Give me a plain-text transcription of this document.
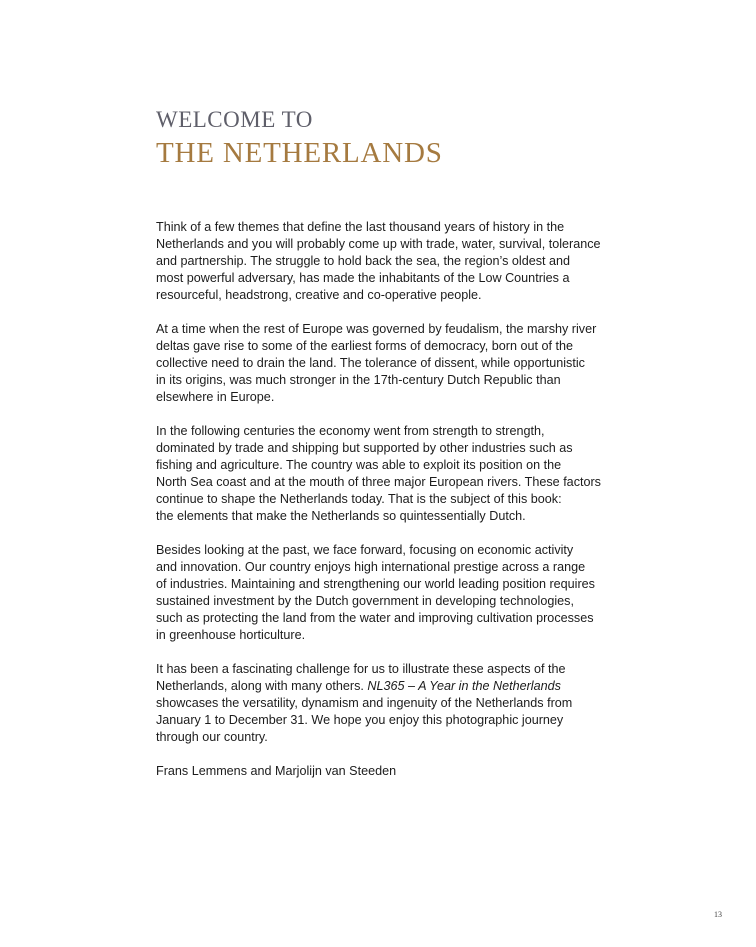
WELCOME TO
THE NETHERLANDS

Think of a few themes that define the last thousand years of history in the
Netherlands and you will probably come up with trade, water, survival, tolerance
and partnership. The struggle to hold back the sea, the region’s oldest and
most powerful adversary, has made the inhabitants of the Low Countries a
resourceful, headstrong, creative and co-operative people.

At a time when the rest of Europe was governed by feudalism, the marshy river
deltas gave rise to some of the earliest forms of democracy, born out of the
collective need to drain the land. The tolerance of dissent, while opportunistic
in its origins, was much stronger in the 17th-century Dutch Republic than
elsewhere in Europe.

In the following centuries the economy went from strength to strength,
dominated by trade and shipping but supported by other industries such as
fishing and agriculture. The country was able to exploit its position on the
North Sea coast and at the mouth of three major European rivers. These factors
continue to shape the Netherlands today. That is the subject of this book:
the elements that make the Netherlands so quintessentially Dutch.

Besides looking at the past, we face forward, focusing on economic activity
and innovation. Our country enjoys high international prestige across a range
of industries. Maintaining and strengthening our world leading position requires
sustained investment by the Dutch government in developing technologies,
such as protecting the land from the water and improving cultivation processes
in greenhouse horticulture.

It has been a fascinating challenge for us to illustrate these aspects of the
Netherlands, along with many others. NL365 – A Year in the Netherlands
showcases the versatility, dynamism and ingenuity of the Netherlands from
January 1 to December 31. We hope you enjoy this photographic journey
through our country.

Frans Lemmens and Marjolijn van Steeden

13
